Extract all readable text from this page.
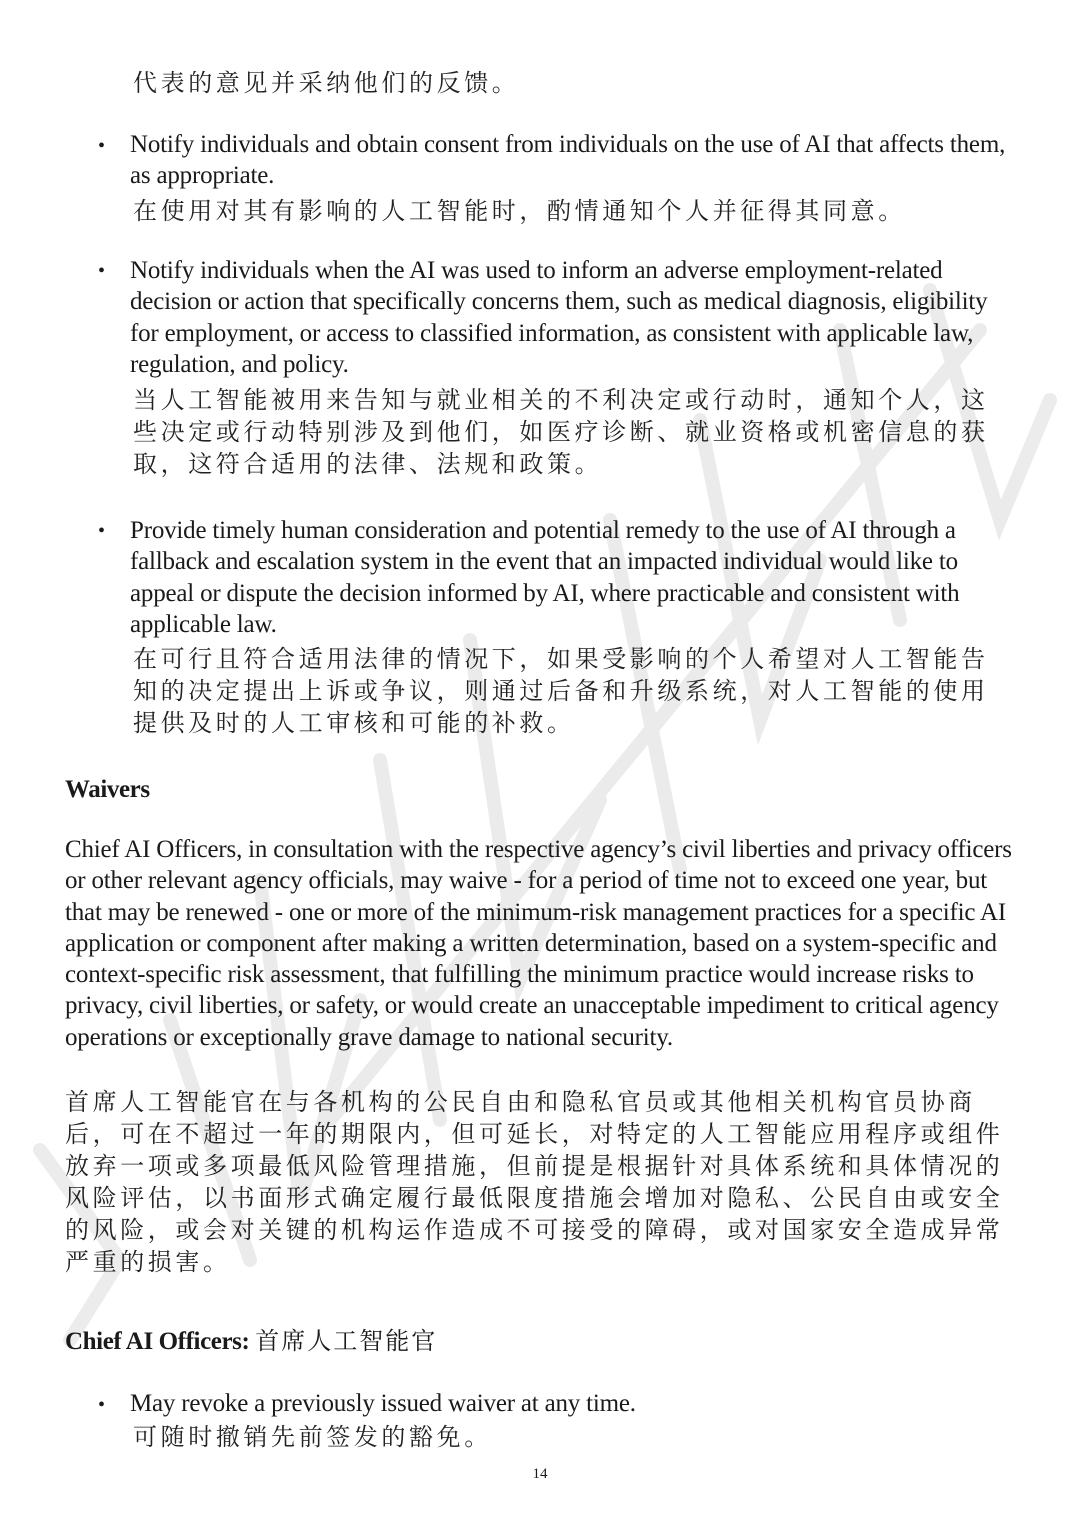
代表的意见并采纳他们的反馈。

• Notify individuals and obtain consent from individuals on the use of AI that affects them, as appropriate.

在使用对其有影响的人工智能时，酌情通知个人并征得其同意。

• Notify individuals when the AI was used to inform an adverse employment-related decision or action that specifically concerns them, such as medical diagnosis, eligibility for employment, or access to classified information, as consistent with applicable law, regulation, and policy.

当人工智能被用来告知与就业相关的不利决定或行动时，通知个人，这些决定或行动特别涉及到他们，如医疗诊断、就业资格或机密信息的获取，这符合适用的法律、法规和政策。

• Provide timely human consideration and potential remedy to the use of AI through a fallback and escalation system in the event that an impacted individual would like to appeal or dispute the decision informed by AI, where practicable and consistent with applicable law.

在可行且符合适用法律的情况下，如果受影响的个人希望对人工智能告知的决定提出上诉或争议，则通过后备和升级系统，对人工智能的使用提供及时的人工审核和可能的补救。

Waivers

Chief AI Officers, in consultation with the respective agency’s civil liberties and privacy officers or other relevant agency officials, may waive - for a period of time not to exceed one year, but that may be renewed - one or more of the minimum-risk management practices for a specific AI application or component after making a written determination, based on a system-specific and context-specific risk assessment, that fulfilling the minimum practice would increase risks to privacy, civil liberties, or safety, or would create an unacceptable impediment to critical agency operations or exceptionally grave damage to national security.

首席人工智能官在与各机构的公民自由和隐私官员或其他相关机构官员协商后，可在不超过一年的期限内，但可延长，对特定的人工智能应用程序或组件放弃一项或多项最低风险管理措施，但前提是根据针对具体系统和具体情况的风险评估，以书面形式确定履行最低限度措施会增加对隐私、公民自由或安全的风险，或会对关键的机构运作造成不可接受的障碍，或对国家安全造成异常严重的损害。

Chief AI Officers: 首席人工智能官

• May revoke a previously issued waiver at any time.

可随时撤销先前签发的豁免。

14
